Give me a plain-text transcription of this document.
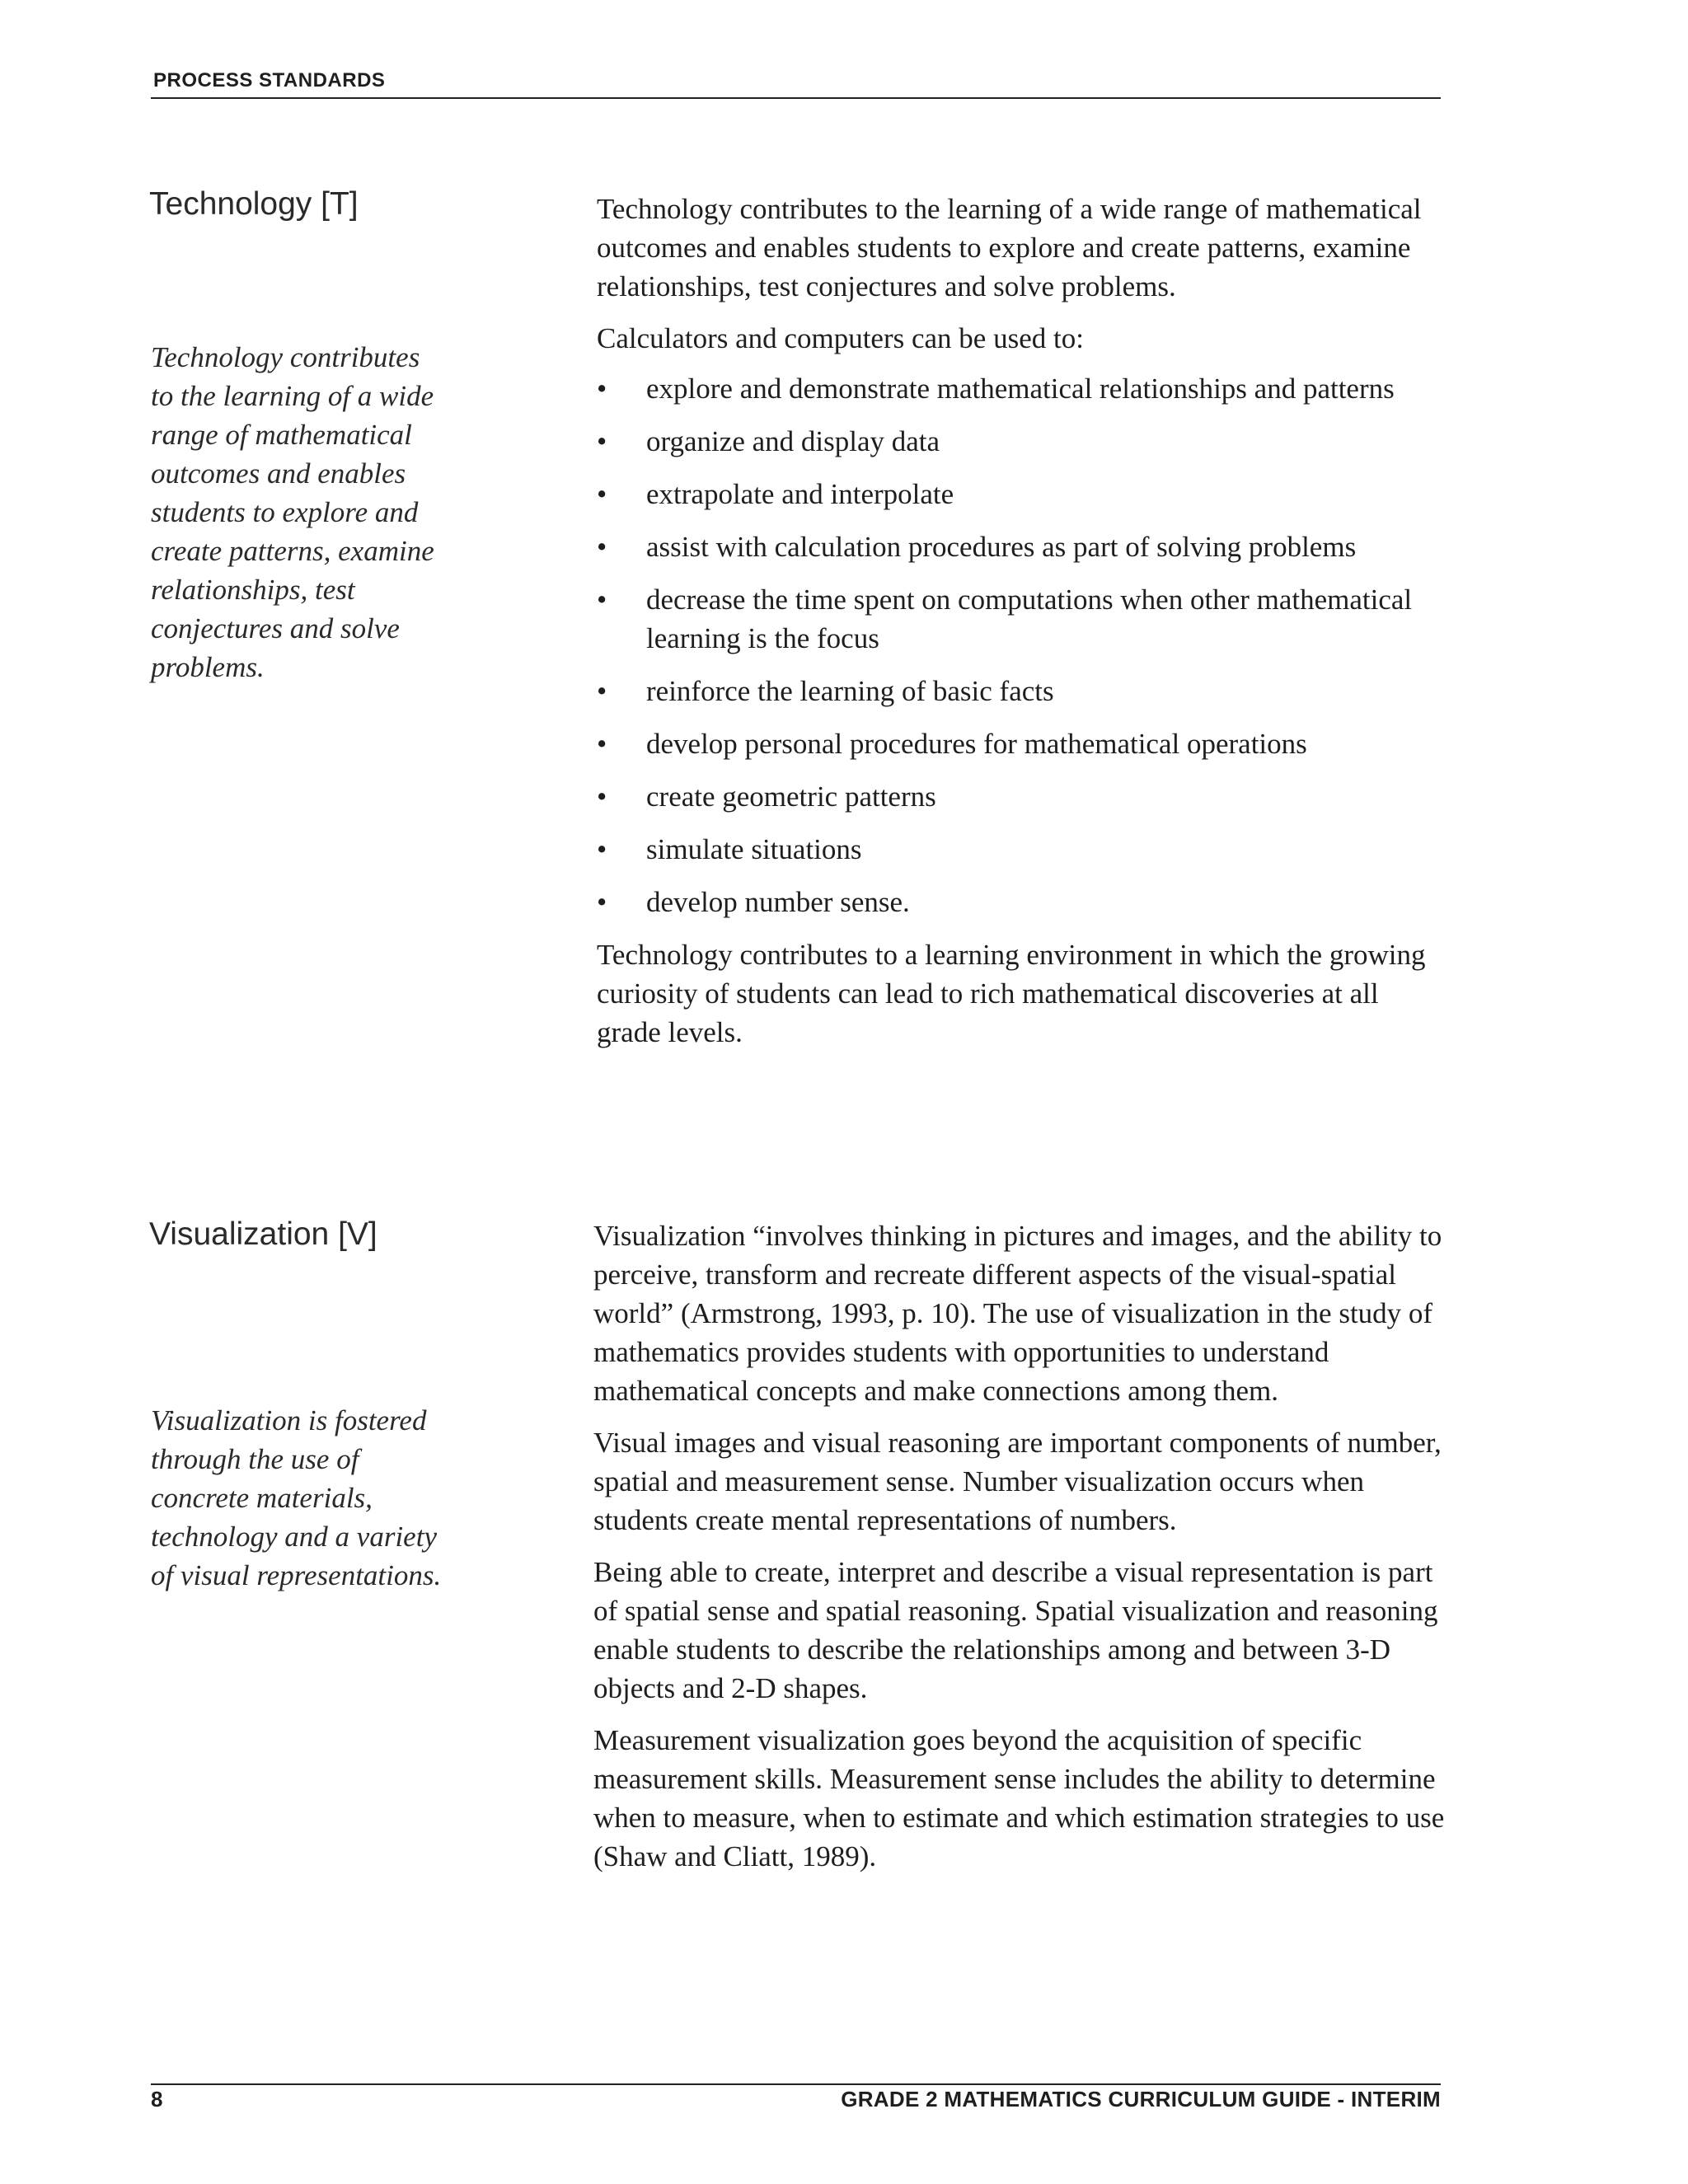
PROCESS STANDARDS
Technology [T]
Technology contributes to the learning of a wide range of mathematical outcomes and enables students to explore and create patterns, examine relationships, test conjectures and solve problems.

Technology contributes to the learning of a wide range of mathematical outcomes and enables students to explore and create patterns, examine relationships, test conjectures and solve problems.

Calculators and computers can be used to:

• explore and demonstrate mathematical relationships and patterns
• organize and display data
• extrapolate and interpolate
• assist with calculation procedures as part of solving problems
• decrease the time spent on computations when other mathematical learning is the focus
• reinforce the learning of basic facts
• develop personal procedures for mathematical operations
• create geometric patterns
• simulate situations
• develop number sense.

Technology contributes to a learning environment in which the growing curiosity of students can lead to rich mathematical discoveries at all grade levels.

Visualization [V]
Visualization is fostered through the use of concrete materials, technology and a variety of visual representations.

Visualization “involves thinking in pictures and images, and the ability to perceive, transform and recreate different aspects of the visual-spatial world” (Armstrong, 1993, p. 10). The use of visualization in the study of mathematics provides students with opportunities to understand mathematical concepts and make connections among them.

Visual images and visual reasoning are important components of number, spatial and measurement sense. Number visualization occurs when students create mental representations of numbers.

Being able to create, interpret and describe a visual representation is part of spatial sense and spatial reasoning. Spatial visualization and reasoning enable students to describe the relationships among and between 3-D objects and 2-D shapes.

Measurement visualization goes beyond the acquisition of specific measurement skills. Measurement sense includes the ability to determine when to measure, when to estimate and which estimation strategies to use (Shaw and Cliatt, 1989).

8	GRADE 2 MATHEMATICS CURRICULUM GUIDE - INTERIM
